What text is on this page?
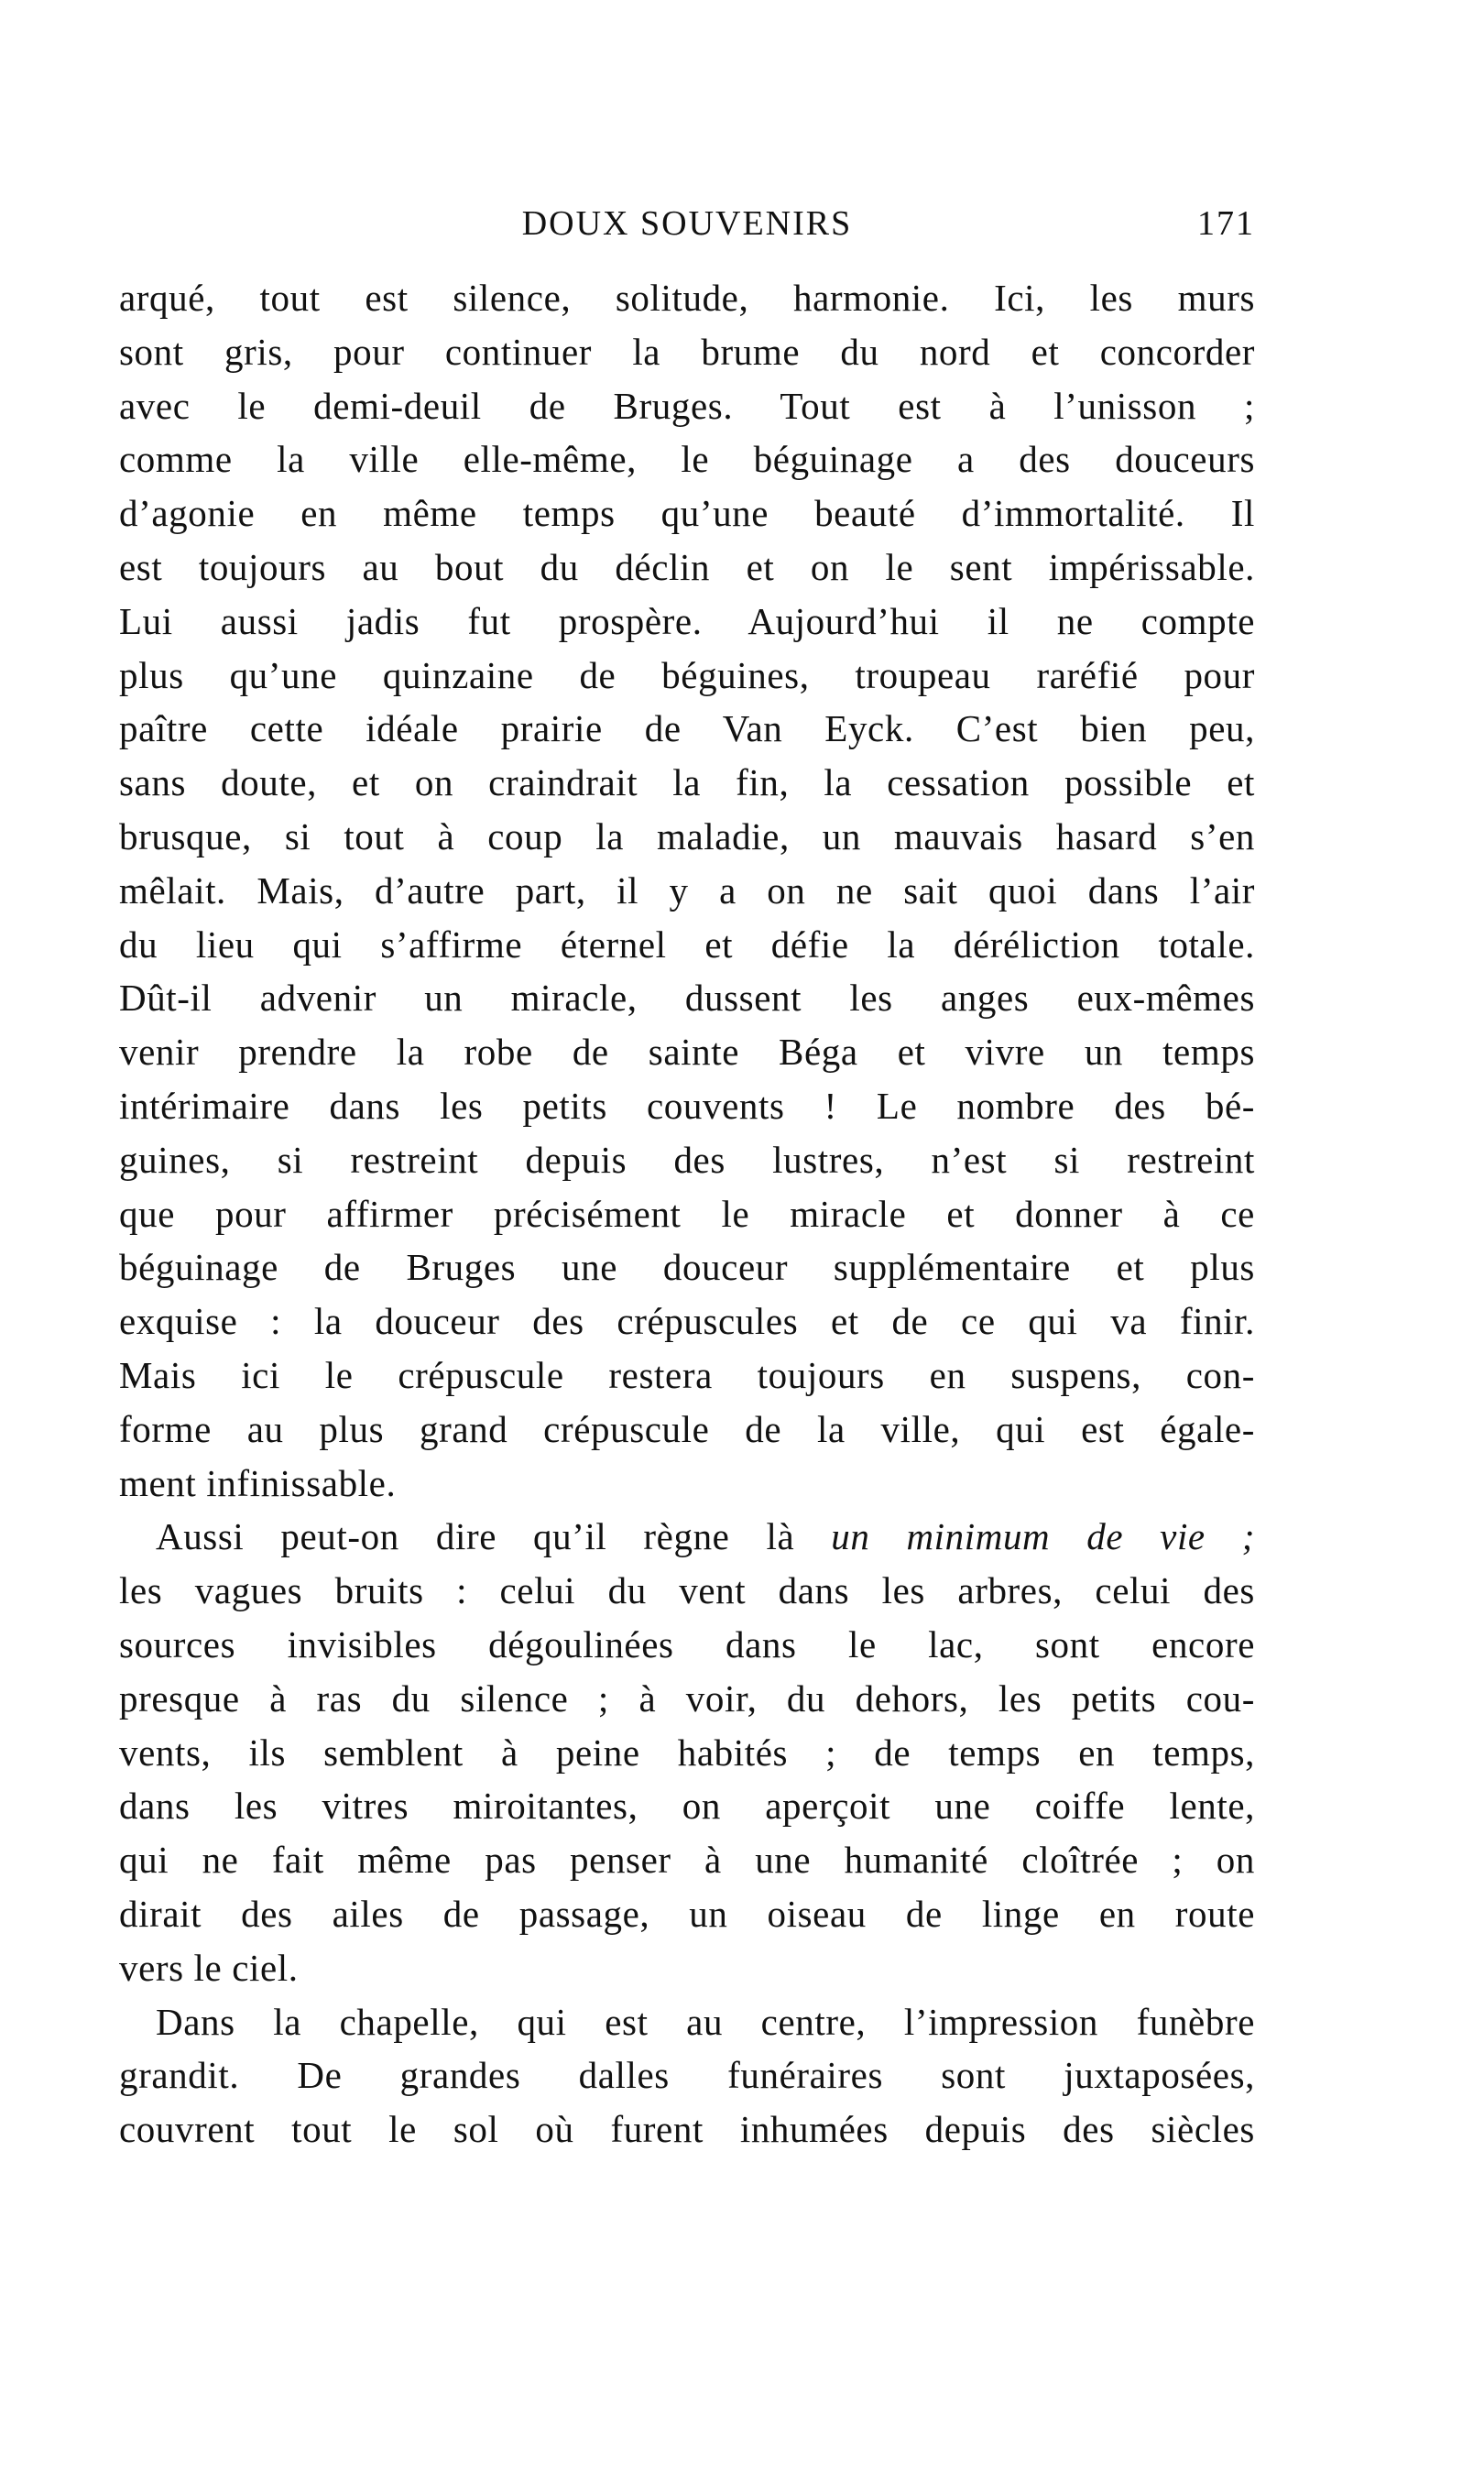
DOUX SOUVENIRS	171
arqué, tout est silence, solitude, harmonie. Ici, les murs
sont gris, pour continuer la brume du nord et concorder
avec le demi-deuil de Bruges. Tout est à l’unisson ;
comme la ville elle-même, le béguinage a des douceurs
d’agonie en même temps qu’une beauté d’immortalité. Il
est toujours au bout du déclin et on le sent impérissable.
Lui aussi jadis fut prospère. Aujourd’hui il ne compte
plus qu’une quinzaine de béguines, troupeau raréfié pour
paître cette idéale prairie de Van Eyck. C’est bien peu,
sans doute, et on craindrait la fin, la cessation possible et
brusque, si tout à coup la maladie, un mauvais hasard s’en
mêlait. Mais, d’autre part, il y a on ne sait quoi dans l’air
du lieu qui s’affirme éternel et défie la déréliction totale.
Dût-il advenir un miracle, dussent les anges eux-mêmes
venir prendre la robe de sainte Béga et vivre un temps
intérimaire dans les petits couvents ! Le nombre des bé-
guines, si restreint depuis des lustres, n’est si restreint
que pour affirmer précisément le miracle et donner à ce
béguinage de Bruges une douceur supplémentaire et plus
exquise : la douceur des crépuscules et de ce qui va finir.
Mais ici le crépuscule restera toujours en suspens, con-
forme au plus grand crépuscule de la ville, qui est égale-
ment infinissable.
Aussi peut-on dire qu’il règne là un minimum de vie ;
les vagues bruits : celui du vent dans les arbres, celui des
sources invisibles dégoulinées dans le lac, sont encore
presque à ras du silence ; à voir, du dehors, les petits cou-
vents, ils semblent à peine habités ; de temps en temps,
dans les vitres miroitantes, on aperçoit une coiffe lente,
qui ne fait même pas penser à une humanité cloîtrée ; on
dirait des ailes de passage, un oiseau de linge en route
vers le ciel.
Dans la chapelle, qui est au centre, l’impression funèbre
grandit. De grandes dalles funéraires sont juxtaposées,
couvrent tout le sol où furent inhumées depuis des siècles
